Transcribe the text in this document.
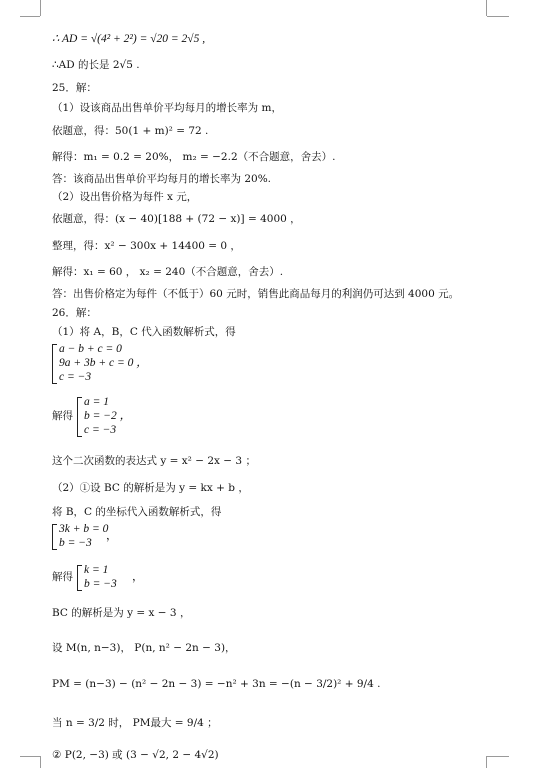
∴ AD = √(4² + 2²) = √20 = 2√5 ,
∴AD 的长是 2√5 .
25．解：
（1）设该商品出售单价平均每月的增长率为 m，
依题意，得：50(1 + m)² = 72 .
解得：m₁ = 0.2 = 20%， m₂ = −2.2（不合题意，舍去）.
答：该商品出售单价平均每月的增长率为 20%.
（2）设出售价格为每件 x 元，
依题意，得：(x − 40)[188 + (72 − x)] = 4000 ，
整理，得：x² − 300x + 14400 = 0 ，
解得：x₁ = 60 ， x₂ = 240（不合题意，舍去）.
答：出售价格定为每件（不低于）60 元时，销售此商品每月的利润仍可达到 4000 元。
26．解：
（1）将 A，B，C 代入函数解析式，得
a − b + c = 0
9a + 3b + c = 0 ，
c = −3
解得
a = 1
b = −2 ，
c = −3
这个二次函数的表达式 y = x² − 2x − 3 ；
（2）①设 BC 的解析是为 y = kx + b ，
将 B，C 的坐标代入函数解析式，得
3k + b = 0
b = −3
，
解得
k = 1
b = −3
，
BC 的解析是为 y = x − 3 ，
设 M(n, n−3)， P(n, n² − 2n − 3)，
PM = (n−3) − (n² − 2n − 3) = −n² + 3n = −(n − 3/2)² + 9/4 .
当 n = 3/2 时， PM最大 = 9/4 ；
② P(2, −3) 或 (3 − √2, 2 − 4√2)
